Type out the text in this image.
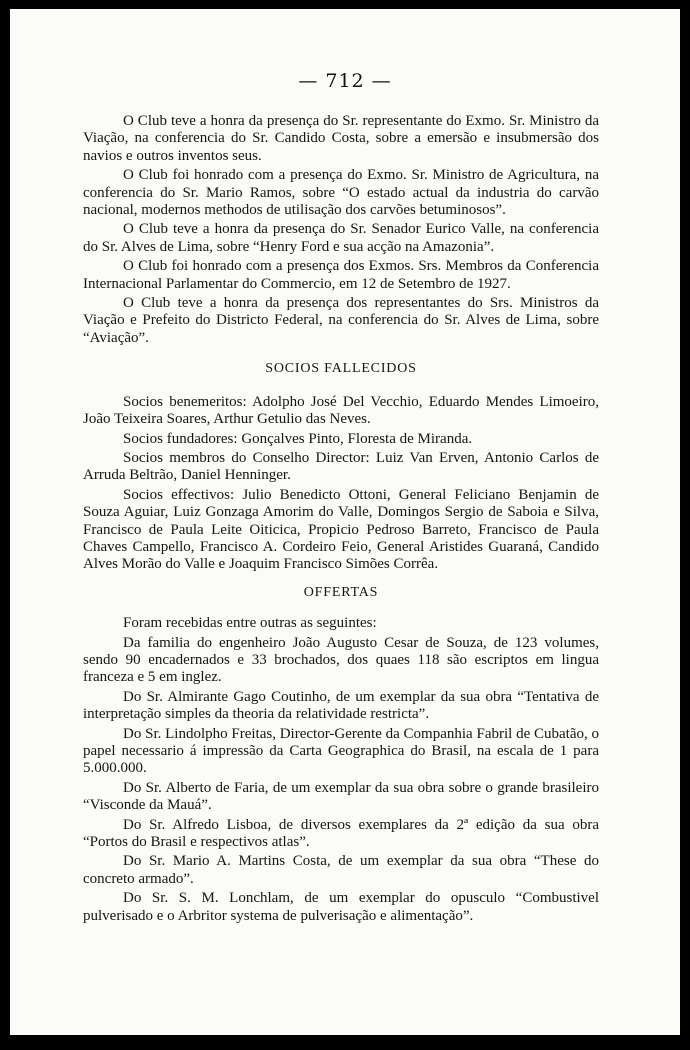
— 712 —

O Club teve a honra da presença do Sr. representante do Exmo. Sr. Ministro da Viação, na conferencia do Sr. Candido Costa, sobre a emersão e insubmersão dos navios e outros inventos seus.

O Club foi honrado com a presença do Exmo. Sr. Ministro de Agricultura, na conferencia do Sr. Mario Ramos, sobre “O estado actual da industria do carvão nacional, modernos methodos de utilisação dos carvões betuminosos”.

O Club teve a honra da presença do Sr. Senador Eurico Valle, na conferencia do Sr. Alves de Lima, sobre “Henry Ford e sua acção na Amazonia”.

O Club foi honrado com a presença dos Exmos. Srs. Membros da Conferencia Internacional Parlamentar do Commercio, em 12 de Setembro de 1927.

O Club teve a honra da presença dos representantes do Srs. Ministros da Viação e Prefeito do Districto Federal, na conferencia do Sr. Alves de Lima, sobre “Aviação”.

SOCIOS FALLECIDOS

Socios benemeritos: Adolpho José Del Vecchio, Eduardo Mendes Limoeiro, João Teixeira Soares, Arthur Getulio das Neves.

Socios fundadores: Gonçalves Pinto, Floresta de Miranda.

Socios membros do Conselho Director: Luiz Van Erven, Antonio Carlos de Arruda Beltrão, Daniel Henninger.

Socios effectivos: Julio Benedicto Ottoni, General Feliciano Benjamin de Souza Aguiar, Luiz Gonzaga Amorim do Valle, Domingos Sergio de Saboia e Silva, Francisco de Paula Leite Oiticica, Propicio Pedroso Barreto, Francisco de Paula Chaves Campello, Francisco A. Cordeiro Feio, General Aristides Guaraná, Candido Alves Morão do Valle e Joaquim Francisco Simões Corrêa.

OFFERTAS

Foram recebidas entre outras as seguintes:

Da familia do engenheiro João Augusto Cesar de Souza, de 123 volumes, sendo 90 encadernados e 33 brochados, dos quaes 118 são escriptos em lingua franceza e 5 em inglez.

Do Sr. Almirante Gago Coutinho, de um exemplar da sua obra “Tentativa de interpretação simples da theoria da relatividade restricta”.

Do Sr. Lindolpho Freitas, Director-Gerente da Companhia Fabril de Cubatão, o papel necessario á impressão da Carta Geographica do Brasil, na escala de 1 para 5.000.000.

Do Sr. Alberto de Faria, de um exemplar da sua obra sobre o grande brasileiro “Visconde da Mauá”.

Do Sr. Alfredo Lisboa, de diversos exemplares da 2ª edição da sua obra “Portos do Brasil e respectivos atlas”.

Do Sr. Mario A. Martins Costa, de um exemplar da sua obra “These do concreto armado”.

Do Sr. S. M. Lonchlam, de um exemplar do opusculo “Combustivel pulverisado e o Arbritor systema de pulverisação e alimentação”.
